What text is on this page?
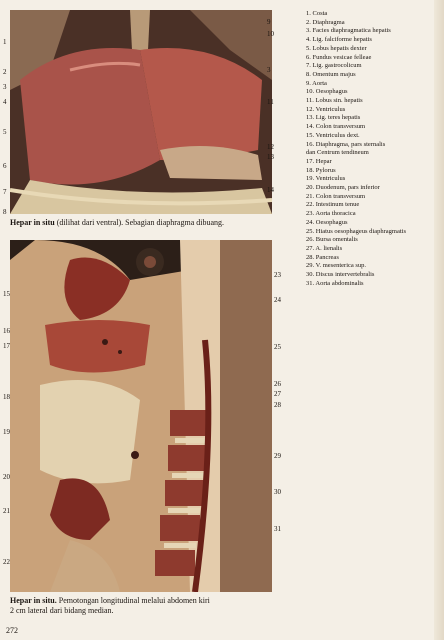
1
2
3
4
5
6
7
8
9
10
3
11
12
13
14
Hepar in situ (dilihat dari ventral). Sebagian diaphragma dibuang.
15
16
17
18
19
20
21
22
23
24
25
26
27
28
29
30
31
Hepar in situ. Pemotongan longitudinal melalui abdomen kiri
2 cm lateral dari bidang median.
272
1. Costa
2. Diaphragma
3. Facies diaphragmatica hepatis
4. Lig. falciforme hepatis
5. Lobus hepatis dexter
6. Fundus vesicae felleae
7. Lig. gastrocolicum
8. Omentum majus
9. Aorta
10. Oesophagus
11. Lobus sin. hepatis
12. Ventriculus
13. Lig. teres hepatis
14. Colon transversum
15. Ventriculus dext.
16. Diaphragma, pars sternalis
dan Centrum tendineum
17. Hepar
18. Pylorus
19. Ventriculus
20. Duodenum, pars inferior
21. Colon transversum
22. Intestinum tenue
23. Aorta thoracica
24. Oesophagus
25. Hiatus oesophageus diaphragmatis
26. Bursa omentalis
27. A. lienalis
28. Pancreas
29. V. mesenterica sup.
30. Discus intervertebralis
31. Aorta abdominalis
